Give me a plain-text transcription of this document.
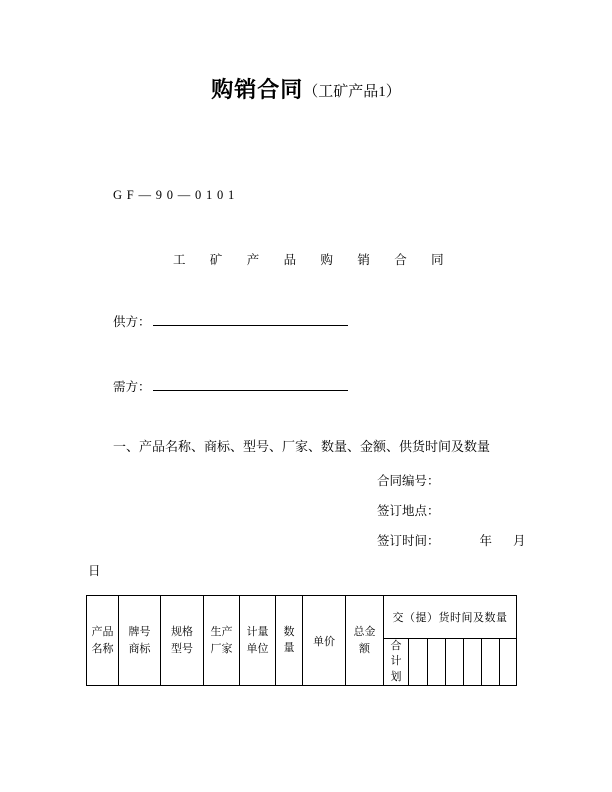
购销合同（工矿产品1）
GF—90—0101
工矿产品购销合同
供方：
需方：
一、产品名称、商标、型号、厂家、数量、金额、供货时间及数量
合同编号：
签订地点：
签订时间：	年 月
日
产品名称	牌号商标	规格型号	生产厂家	计量单位	数量	单价	总金额	交（提）货时间及数量						
								合计划						
